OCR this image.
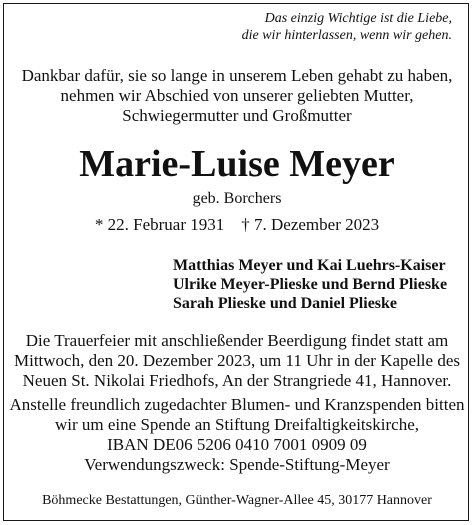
Das einzig Wichtige ist die Liebe,
die wir hinterlassen, wenn wir gehen.
Dankbar dafür, sie so lange in unserem Leben gehabt zu haben,
nehmen wir Abschied von unserer geliebten Mutter,
Schwiegermutter und Großmutter
Marie-Luise Meyer
geb. Borchers
* 22. Februar 1931 † 7. Dezember 2023
Matthias Meyer und Kai Luehrs-Kaiser
Ulrike Meyer-Plieske und Bernd Plieske
Sarah Plieske und Daniel Plieske
Die Trauerfeier mit anschließender Beerdigung findet statt am
Mittwoch, den 20. Dezember 2023, um 11 Uhr in der Kapelle des
Neuen St. Nikolai Friedhofs, An der Strangriede 41, Hannover.
Anstelle freundlich zugedachter Blumen- und Kranzspenden bitten
wir um eine Spende an Stiftung Dreifaltigkeitskirche,
IBAN DE06 5206 0410 7001 0909 09
Verwendungszweck: Spende-Stiftung-Meyer
Böhmecke Bestattungen, Günther-Wagner-Allee 45, 30177 Hannover
